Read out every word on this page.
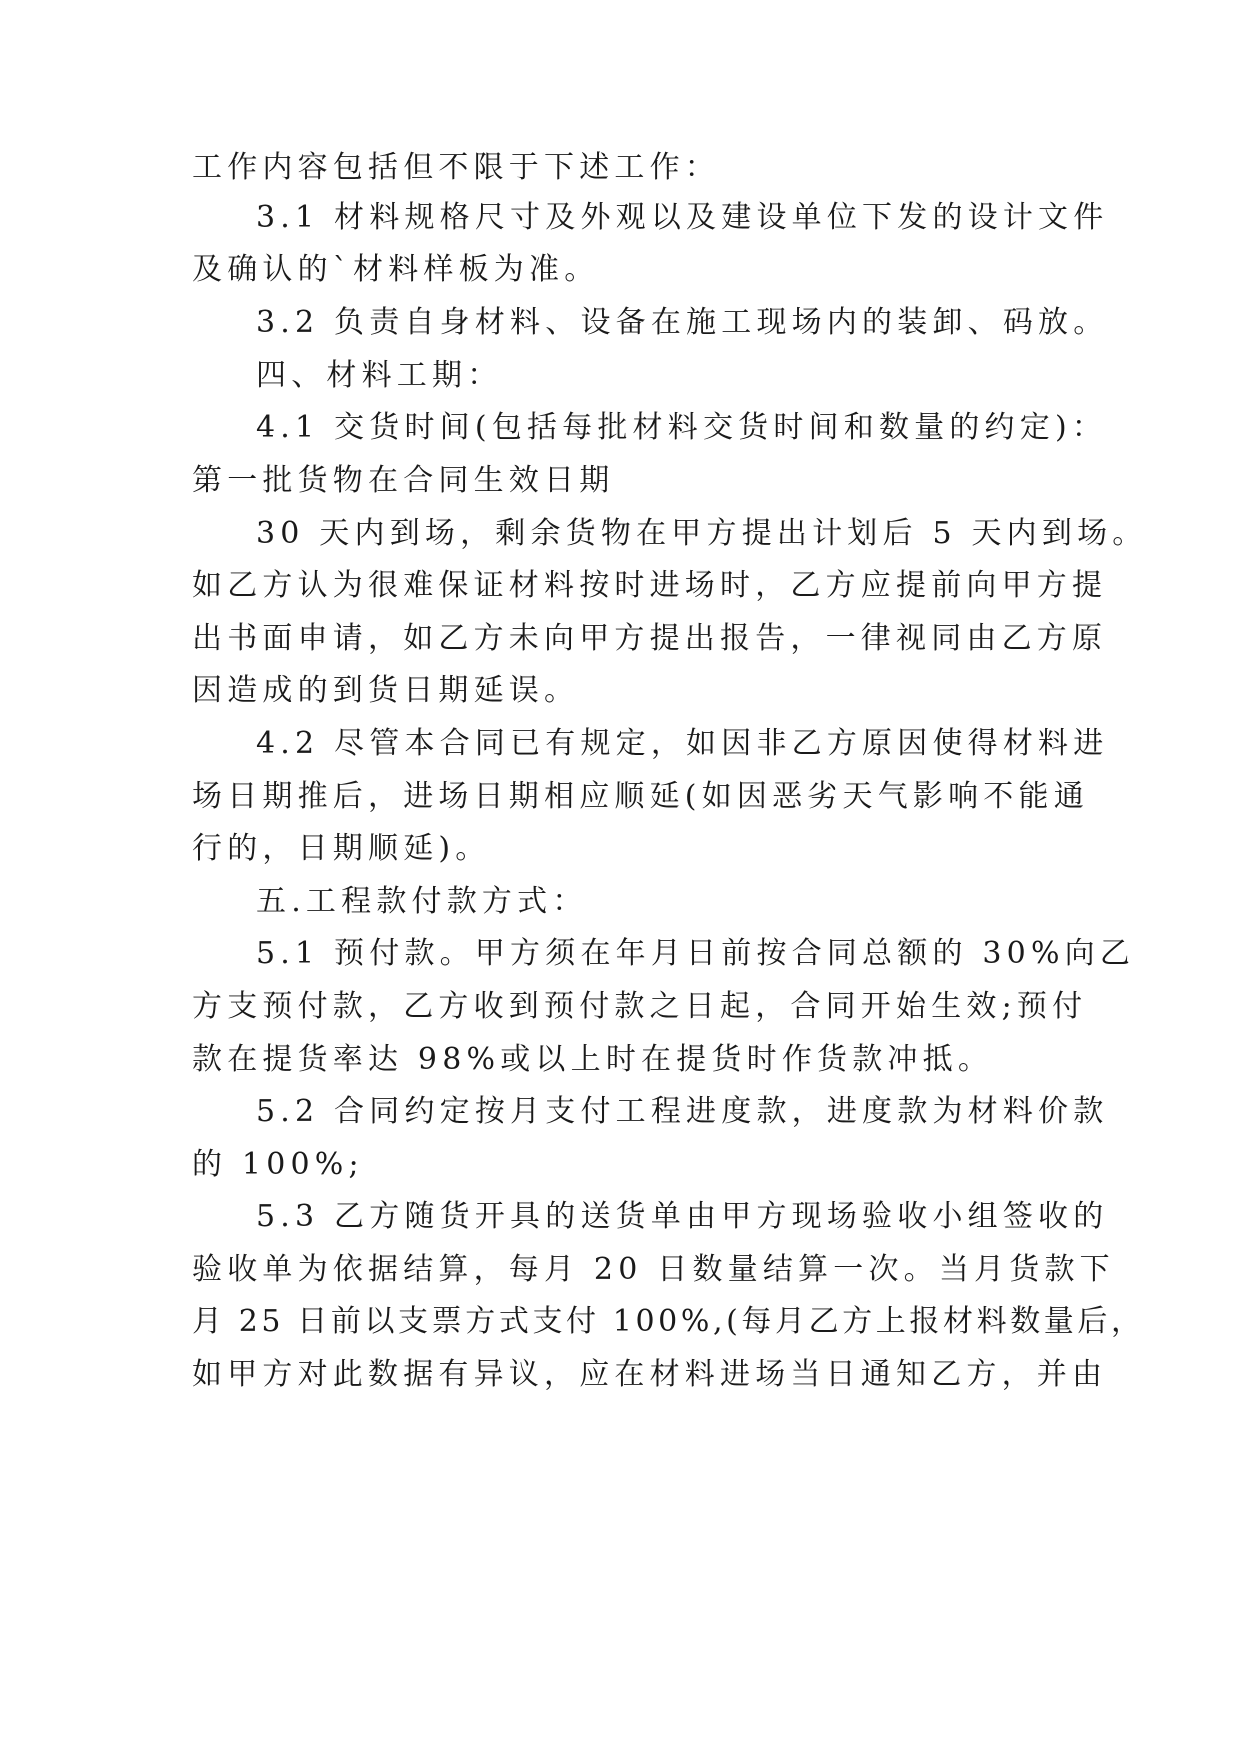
工作内容包括但不限于下述工作：
3.1 材料规格尺寸及外观以及建设单位下发的设计文件
及确认的`材料样板为准。
3.2 负责自身材料、设备在施工现场内的装卸、码放。
四、材料工期：
4.1 交货时间(包括每批材料交货时间和数量的约定)：
第一批货物在合同生效日期
30 天内到场，剩余货物在甲方提出计划后 5 天内到场。
如乙方认为很难保证材料按时进场时，乙方应提前向甲方提
出书面申请，如乙方未向甲方提出报告，一律视同由乙方原
因造成的到货日期延误。
4.2 尽管本合同已有规定，如因非乙方原因使得材料进
场日期推后，进场日期相应顺延(如因恶劣天气影响不能通
行的，日期顺延)。
五.工程款付款方式：
5.1 预付款。甲方须在年月日前按合同总额的 30%向乙
方支预付款，乙方收到预付款之日起，合同开始生效;预付
款在提货率达 98%或以上时在提货时作货款冲抵。
5.2 合同约定按月支付工程进度款，进度款为材料价款
的 100%;
5.3 乙方随货开具的送货单由甲方现场验收小组签收的
验收单为依据结算，每月 20 日数量结算一次。当月货款下
月 25 日前以支票方式支付 100%,(每月乙方上报材料数量后，
如甲方对此数据有异议，应在材料进场当日通知乙方，并由
